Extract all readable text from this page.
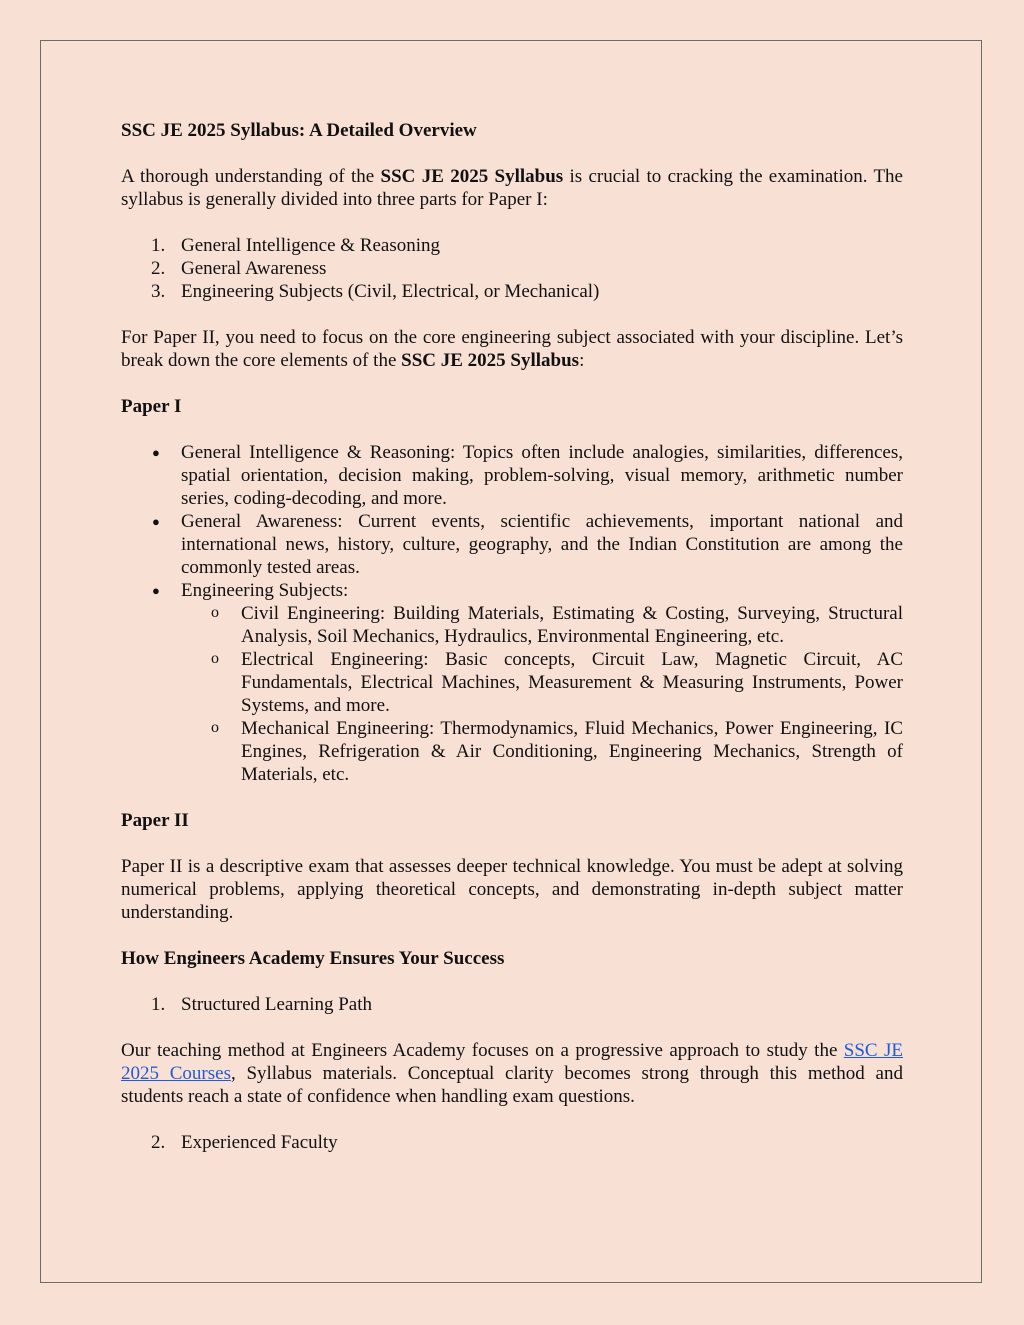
SSC JE 2025 Syllabus: A Detailed Overview

A thorough understanding of the SSC JE 2025 Syllabus is crucial to cracking the examination. The syllabus is generally divided into three parts for Paper I:

1. General Intelligence & Reasoning
2. General Awareness
3. Engineering Subjects (Civil, Electrical, or Mechanical)

For Paper II, you need to focus on the core engineering subject associated with your discipline. Let’s break down the core elements of the SSC JE 2025 Syllabus:

Paper I

● General Intelligence & Reasoning: Topics often include analogies, similarities, differences, spatial orientation, decision making, problem-solving, visual memory, arithmetic number series, coding-decoding, and more.
● General Awareness: Current events, scientific achievements, important national and international news, history, culture, geography, and the Indian Constitution are among the commonly tested areas.
● Engineering Subjects:
o Civil Engineering: Building Materials, Estimating & Costing, Surveying, Structural Analysis, Soil Mechanics, Hydraulics, Environmental Engineering, etc.
o Electrical Engineering: Basic concepts, Circuit Law, Magnetic Circuit, AC Fundamentals, Electrical Machines, Measurement & Measuring Instruments, Power Systems, and more.
o Mechanical Engineering: Thermodynamics, Fluid Mechanics, Power Engineering, IC Engines, Refrigeration & Air Conditioning, Engineering Mechanics, Strength of Materials, etc.

Paper II

Paper II is a descriptive exam that assesses deeper technical knowledge. You must be adept at solving numerical problems, applying theoretical concepts, and demonstrating in-depth subject matter understanding.

How Engineers Academy Ensures Your Success

1. Structured Learning Path

Our teaching method at Engineers Academy focuses on a progressive approach to study the SSC JE 2025 Courses, Syllabus materials. Conceptual clarity becomes strong through this method and students reach a state of confidence when handling exam questions.

2. Experienced Faculty
